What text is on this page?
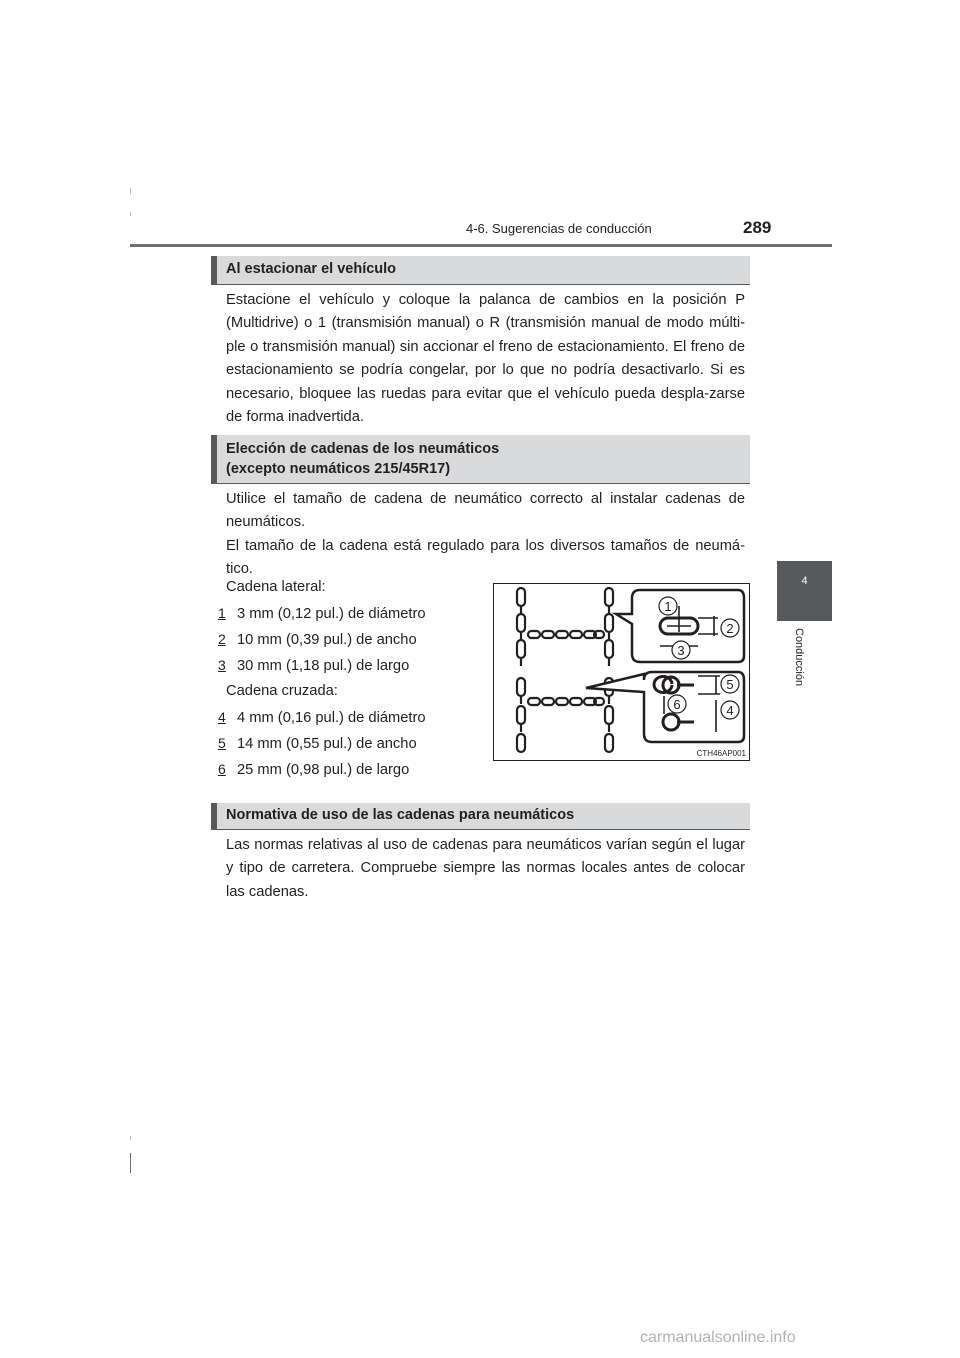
4-6. Sugerencias de conducción	289
4
Conducción
Al estacionar el vehículo
Estacione el vehículo y coloque la palanca de cambios en la posición P (Multidrive) o 1 (transmisión manual) o R (transmisión manual de modo múlti-ple o transmisión manual) sin accionar el freno de estacionamiento. El freno de estacionamiento se podría congelar, por lo que no podría desactivarlo. Si es necesario, bloquee las ruedas para evitar que el vehículo pueda despla-zarse de forma inadvertida.
Elección de cadenas de los neumáticos
(excepto neumáticos 215/45R17)
Utilice el tamaño de cadena de neumático correcto al instalar cadenas de neumáticos.
El tamaño de la cadena está regulado para los diversos tamaños de neumá-tico.
Cadena lateral:
1 3 mm (0,12 pul.) de diámetro
2 10 mm (0,39 pul.) de ancho
3 30 mm (1,18 pul.) de largo
Cadena cruzada:
4 4 mm (0,16 pul.) de diámetro
5 14 mm (0,55 pul.) de ancho
6 25 mm (0,98 pul.) de largo
1
2
3
5
6	4
CTH46AP001
Normativa de uso de las cadenas para neumáticos
Las normas relativas al uso de cadenas para neumáticos varían según el lugar y tipo de carretera. Compruebe siempre las normas locales antes de colocar las cadenas.
carmanualsonline.info
